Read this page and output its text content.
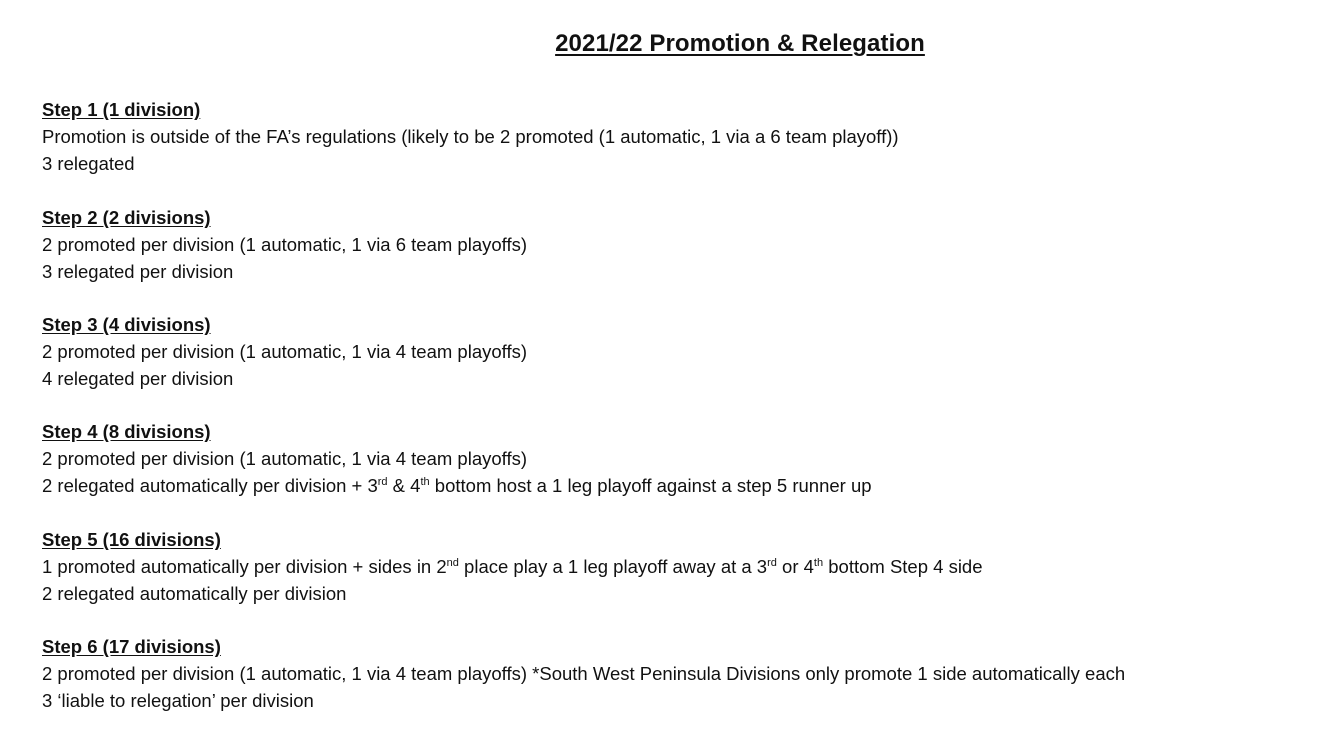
2021/22 Promotion & Relegation
Step 1 (1 division)
Promotion is outside of the FA’s regulations (likely to be 2 promoted (1 automatic, 1 via a 6 team playoff))
3 relegated
Step 2 (2 divisions)
2 promoted per division (1 automatic, 1 via 6 team playoffs)
3 relegated per division
Step 3 (4 divisions)
2 promoted per division (1 automatic, 1 via 4 team playoffs)
4 relegated per division
Step 4 (8 divisions)
2 promoted per division (1 automatic, 1 via 4 team playoffs)
2 relegated automatically per division + 3rd & 4th bottom host a 1 leg playoff against a step 5 runner up
Step 5 (16 divisions)
1 promoted automatically per division + sides in 2nd place play a 1 leg playoff away at a 3rd or 4th bottom Step 4 side
2 relegated automatically per division
Step 6 (17 divisions)
2 promoted per division (1 automatic, 1 via 4 team playoffs) *South West Peninsula Divisions only promote 1 side automatically each
3 ‘liable to relegation’ per division
